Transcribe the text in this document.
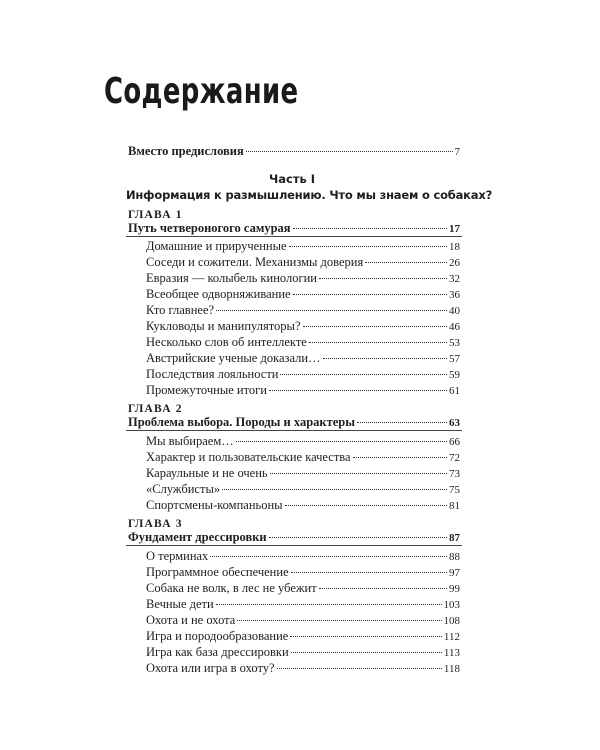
Содержание
Вместо предисловия	7
Часть I
Информация к размышлению. Что мы знаем о собаках?
ГЛАВА 1
Путь четвероногого самурая	17
Домашние и прирученные	18
Соседи и сожители. Механизмы доверия	26
Евразия — колыбель кинологии	32
Всеобщее одворняживание	36
Кто главнее?	40
Кукловоды и манипуляторы?	46
Несколько слов об интеллекте	53
Австрийские ученые доказали…	57
Последствия лояльности	59
Промежуточные итоги	61
ГЛАВА 2
Проблема выбора. Породы и характеры	63
Мы выбираем…	66
Характер и пользовательские качества	72
Караульные и не очень	73
«Службисты»	75
Спортсмены-компаньоны	81
ГЛАВА 3
Фундамент дрессировки	87
О терминах	88
Программное обеспечение	97
Собака не волк, в лес не убежит	99
Вечные дети	103
Охота и не охота	108
Игра и породообразование	112
Игра как база дрессировки	113
Охота или игра в охоту?	118
